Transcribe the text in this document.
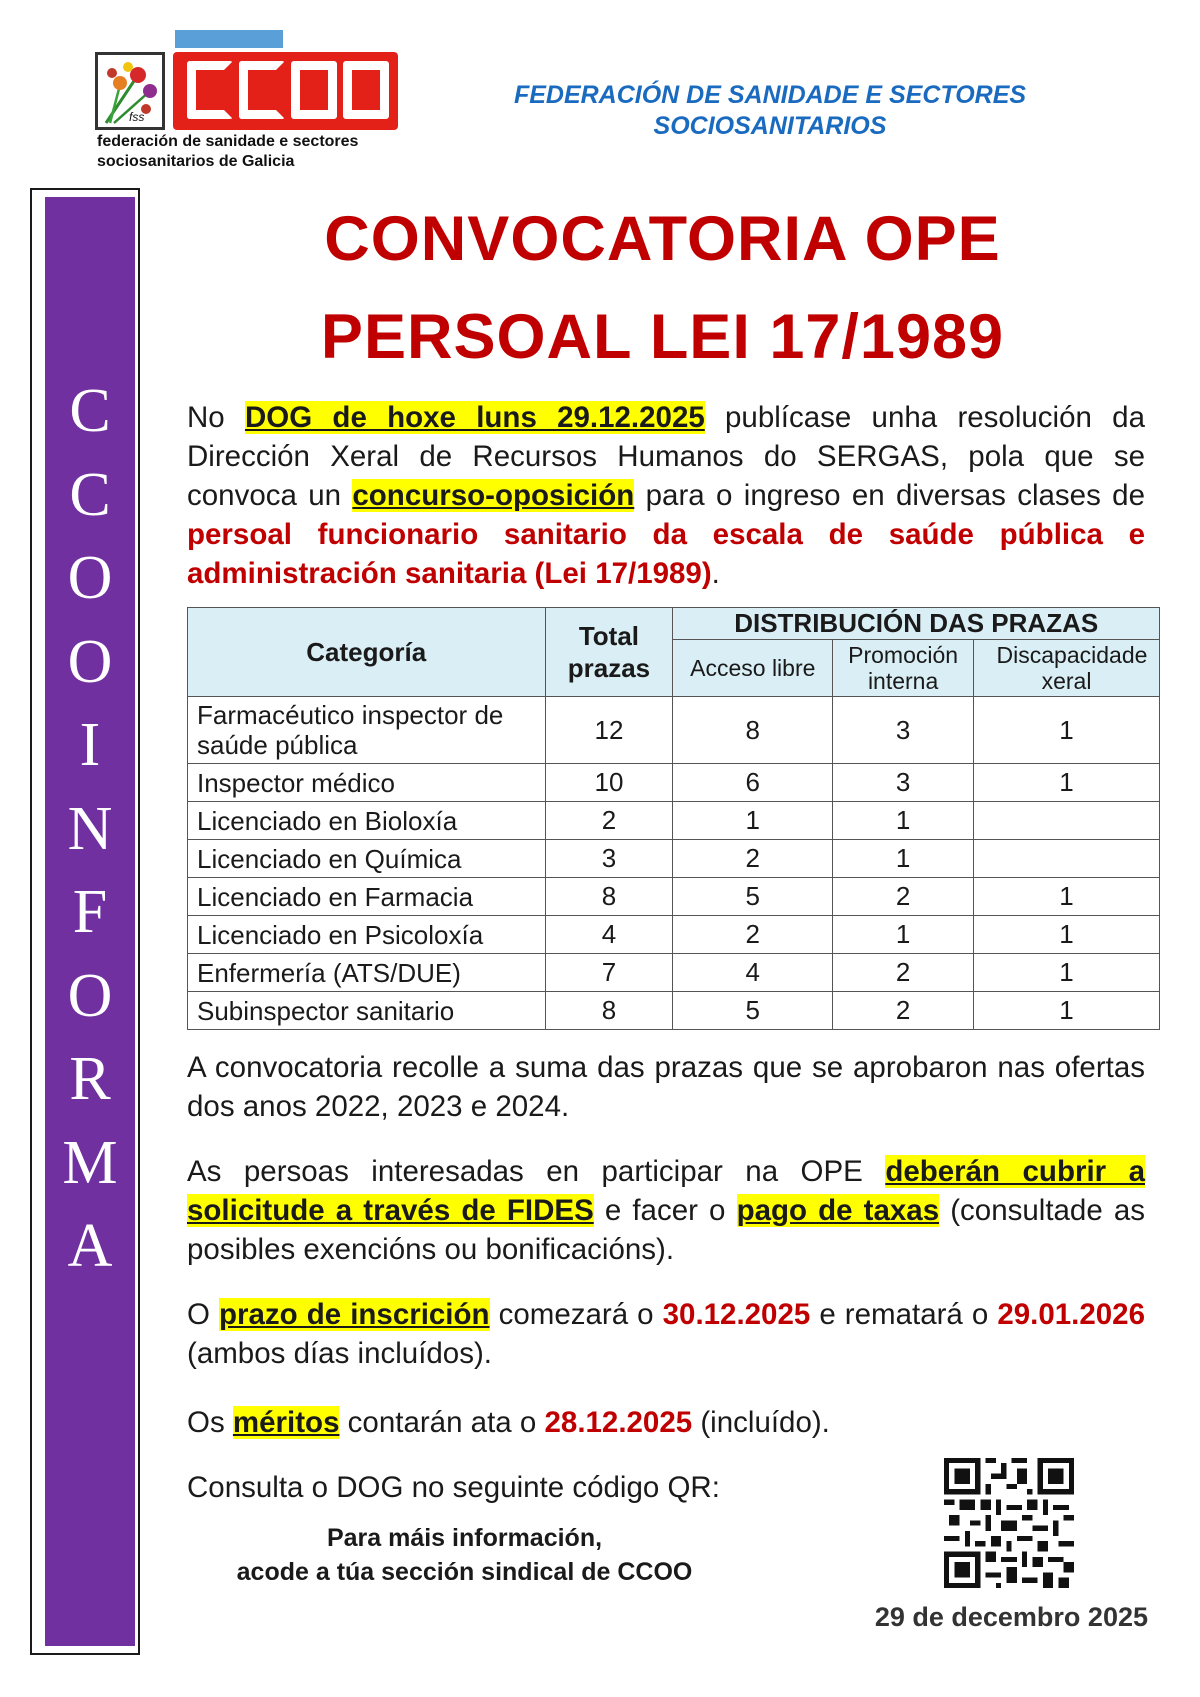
fss
federación de sanidade e sectores
sociosanitarios de Galicia
FEDERACIÓN DE SANIDADE E SECTORES
SOCIOSANITARIOS
C
C
O
O
I
N
F
O
R
M
A
CONVOCATORIA OPE
PERSOAL LEI 17/1989
No DOG de hoxe luns 29.12.2025 publícase unha resolución da Dirección Xeral de Recursos Humanos do SERGAS, pola que se convoca un concurso-oposición para o ingreso en diversas clases de persoal funcionario sanitario da escala de saúde pública e administración sanitaria (Lei 17/1989).
Categoría	Total prazas	DISTRIBUCIÓN DAS PRAZAS		
		Acceso libre	Promoción interna	Discapacidade xeral
Farmacéutico inspector de saúde pública	12	8	3	1
Inspector médico	10	6	3	1
Licenciado en Bioloxía	2	1	1	
Licenciado en Química	3	2	1	
Licenciado en Farmacia	8	5	2	1
Licenciado en Psicoloxía	4	2	1	1
Enfermería (ATS/DUE)	7	4	2	1
Subinspector sanitario	8	5	2	1
A convocatoria recolle a suma das prazas que se aprobaron nas ofertas dos anos 2022, 2023 e 2024.
As persoas interesadas en participar na OPE deberán cubrir a solicitude a través de FIDES e facer o pago de taxas (consultade as posibles exencións ou bonificacións).
O prazo de inscrición comezará o 30.12.2025 e rematará o 29.01.2026 (ambos días incluídos).
Os méritos contarán ata o 28.12.2025 (incluído).
Consulta o DOG no seguinte código QR:
Para máis información,
acode a túa sección sindical de CCOO
29 de decembro 2025
